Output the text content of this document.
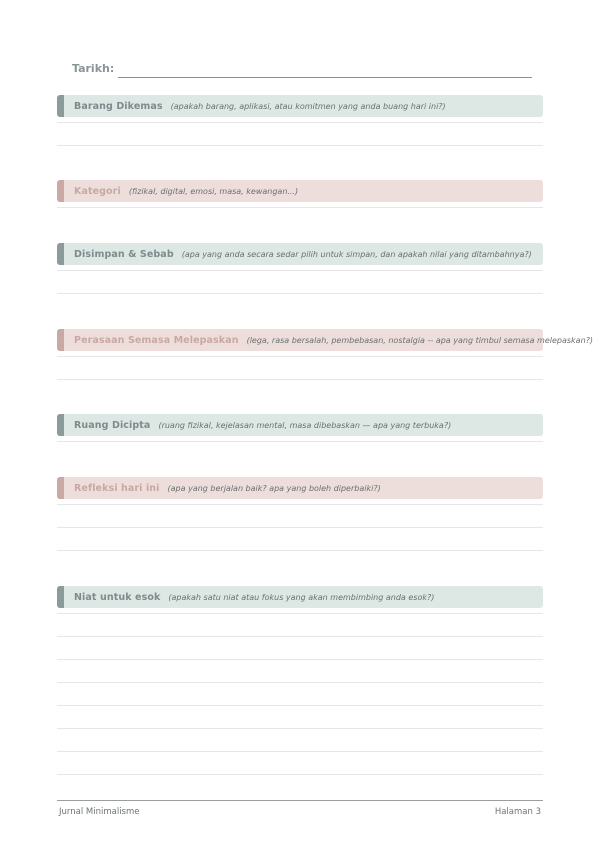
Tarikh:
Barang Dikemas (apakah barang, aplikasi, atau komitmen yang anda buang hari ini?)
Kategori (fizikal, digital, emosi, masa, kewangan...)
Disimpan & Sebab (apa yang anda secara sedar pilih untuk simpan, dan apakah nilai yang ditambahnya?)
Perasaan Semasa Melepaskan (lega, rasa bersalah, pembebasan, nostalgia -- apa yang timbul semasa melepaskan?)
Ruang Dicipta (ruang fizikal, kejelasan mental, masa dibebaskan — apa yang terbuka?)
Refleksi hari ini (apa yang berjalan baik? apa yang boleh diperbaiki?)
Niat untuk esok (apakah satu niat atau fokus yang akan membimbing anda esok?)
Jurnal Minimalisme	Halaman 3
